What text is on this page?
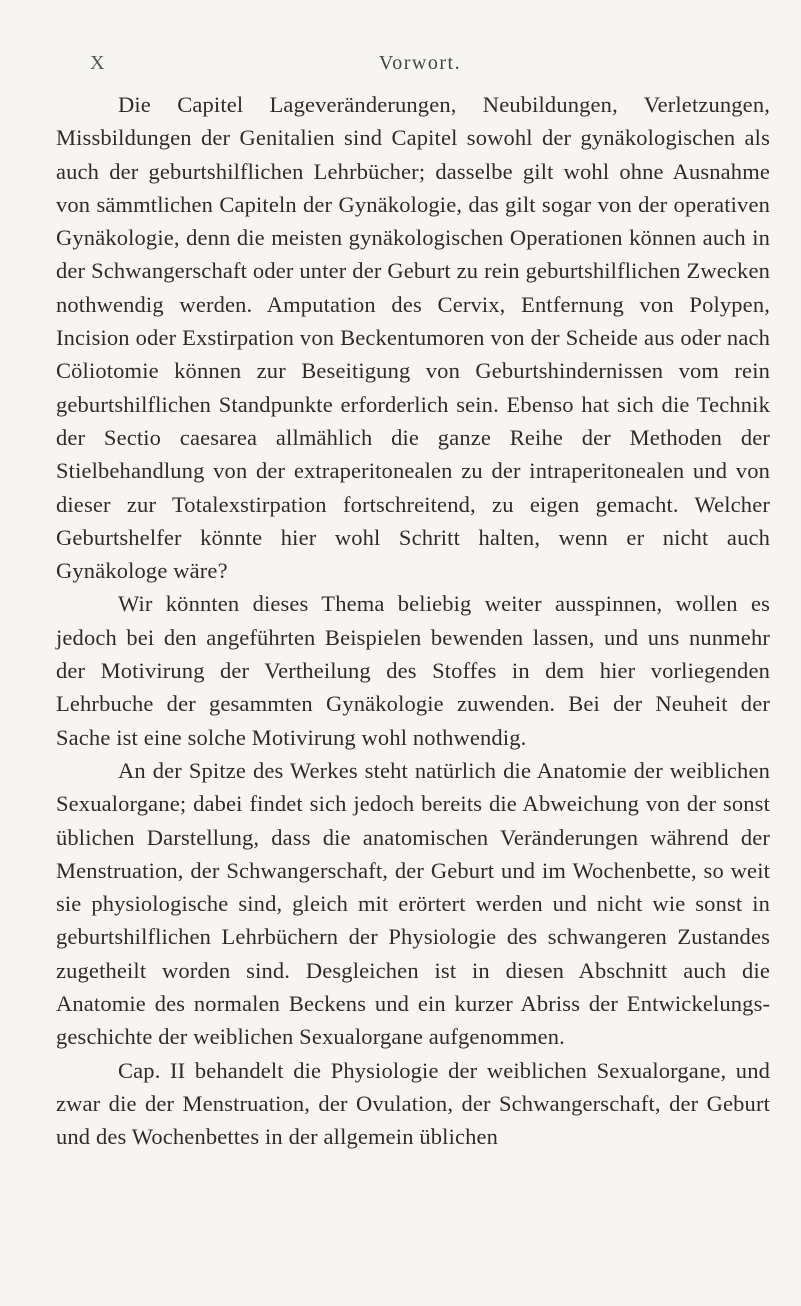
X	Vorwort.

Die Capitel Lageveränderungen, Neubildungen, Verletzungen, Missbildungen der Genitalien sind Capitel sowohl der gynäkologischen als auch der geburtshilflichen Lehrbücher; dasselbe gilt wohl ohne Ausnahme von sämmtlichen Capiteln der Gynäkologie, das gilt sogar von der operativen Gynäkologie, denn die meisten gynäkologischen Operationen können auch in der Schwangerschaft oder unter der Geburt zu rein geburtshilflichen Zwecken nothwendig werden. Amputation des Cervix, Entfernung von Polypen, Incision oder Exstirpation von Beckentumoren von der Scheide aus oder nach Cöliotomie können zur Beseitigung von Geburtshindernissen vom rein geburtshilflichen Standpunkte erforderlich sein. Ebenso hat sich die Technik der Sectio caesarea allmählich die ganze Reihe der Methoden der Stielbehandlung von der extraperitonealen zu der intraperitonealen und von dieser zur Totalexstirpation fortschreitend, zu eigen gemacht. Welcher Geburtshelfer könnte hier wohl Schritt halten, wenn er nicht auch Gynäkologe wäre?

Wir könnten dieses Thema beliebig weiter ausspinnen, wollen es jedoch bei den angeführten Beispielen bewenden lassen, und uns nunmehr der Motivirung der Vertheilung des Stoffes in dem hier vorliegenden Lehrbuche der gesammten Gynäkologie zuwenden. Bei der Neuheit der Sache ist eine solche Motivirung wohl nothwendig.

An der Spitze des Werkes steht natürlich die Anatomie der weiblichen Sexualorgane; dabei findet sich jedoch bereits die Abweichung von der sonst üblichen Darstellung, dass die anatomischen Veränderungen während der Menstruation, der Schwangerschaft, der Geburt und im Wochenbette, so weit sie physiologische sind, gleich mit erörtert werden und nicht wie sonst in geburtshilflichen Lehrbüchern der Physiologie des schwangeren Zustandes zugetheilt worden sind. Desgleichen ist in diesen Abschnitt auch die Anatomie des normalen Beckens und ein kurzer Abriss der Entwickelungsgeschichte der weiblichen Sexualorgane aufgenommen.

Cap. II behandelt die Physiologie der weiblichen Sexualorgane, und zwar die der Menstruation, der Ovulation, der Schwangerschaft, der Geburt und des Wochenbettes in der allgemein üblichen
